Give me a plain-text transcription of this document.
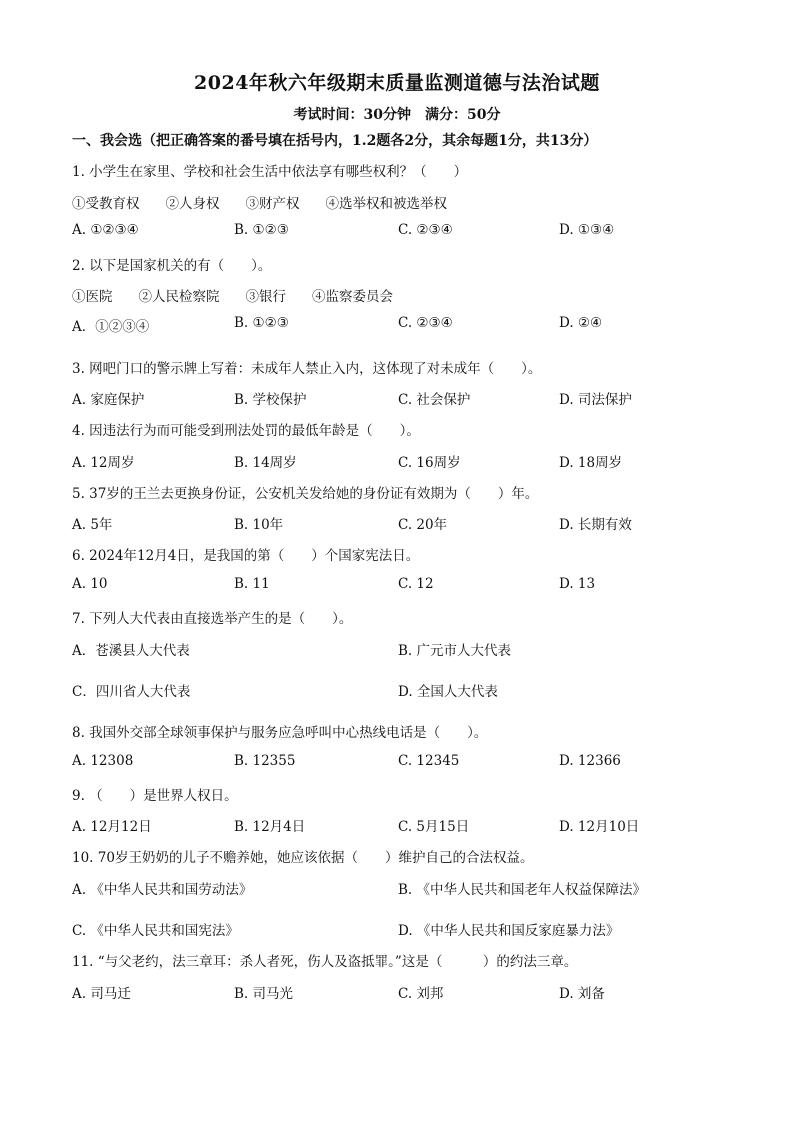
2024年秋六年级期末质量监测道德与法治试题
考试时间：30分钟　满分：50分
一、我会选（把正确答案的番号填在括号内，1.2题各2分，其余每题1分，共13分）
1. 小学生在家里、学校和社会生活中依法享有哪些权利？（　　）
①受教育权 ②人身权 ③财产权 ④选举权和被选举权
A. ①②③④	B. ①②③	C. ②③④	D. ①③④
2. 以下是国家机关的有（　　）。
①医院 ②人民检察院 ③银行 ④监察委员会
A．①②③④	B. ①②③	C. ②③④	D. ②④
3. 网吧门口的警示牌上写着：未成年人禁止入内，这体现了对未成年（　　）。
A. 家庭保护	B. 学校保护	C. 社会保护	D. 司法保护
4. 因违法行为而可能受到刑法处罚的最低年龄是（　　）。
A. 12周岁	B. 14周岁	C. 16周岁	D. 18周岁
5. 37岁的王兰去更换身份证，公安机关发给她的身份证有效期为（　　）年。
A. 5年	B. 10年	C. 20年	D. 长期有效
6. 2024年12月4日，是我国的第（　　）个国家宪法日。
A. 10	B. 11	C. 12	D. 13
7. 下列人大代表由直接选举产生的是（　　）。
A．苍溪县人大代表	B. 广元市人大代表
C．四川省人大代表	D. 全国人大代表
8. 我国外交部全球领事保护与服务应急呼叫中心热线电话是（　　）。
A. 12308	B. 12355	C. 12345	D. 12366
9. （　　）是世界人权日。
A. 12月12日	B. 12月4日	C. 5月15日	D. 12月10日
10. 70岁王奶奶的儿子不赡养她，她应该依据（　　）维护自己的合法权益。
A. 《中华人民共和国劳动法》	B. 《中华人民共和国老年人权益保障法》
C. 《中华人民共和国宪法》	D. 《中华人民共和国反家庭暴力法》
11. “与父老约，法三章耳：杀人者死，伤人及盗抵罪。”这是（　　　）的约法三章。
A. 司马迁	B. 司马光	C. 刘邦	D. 刘备
